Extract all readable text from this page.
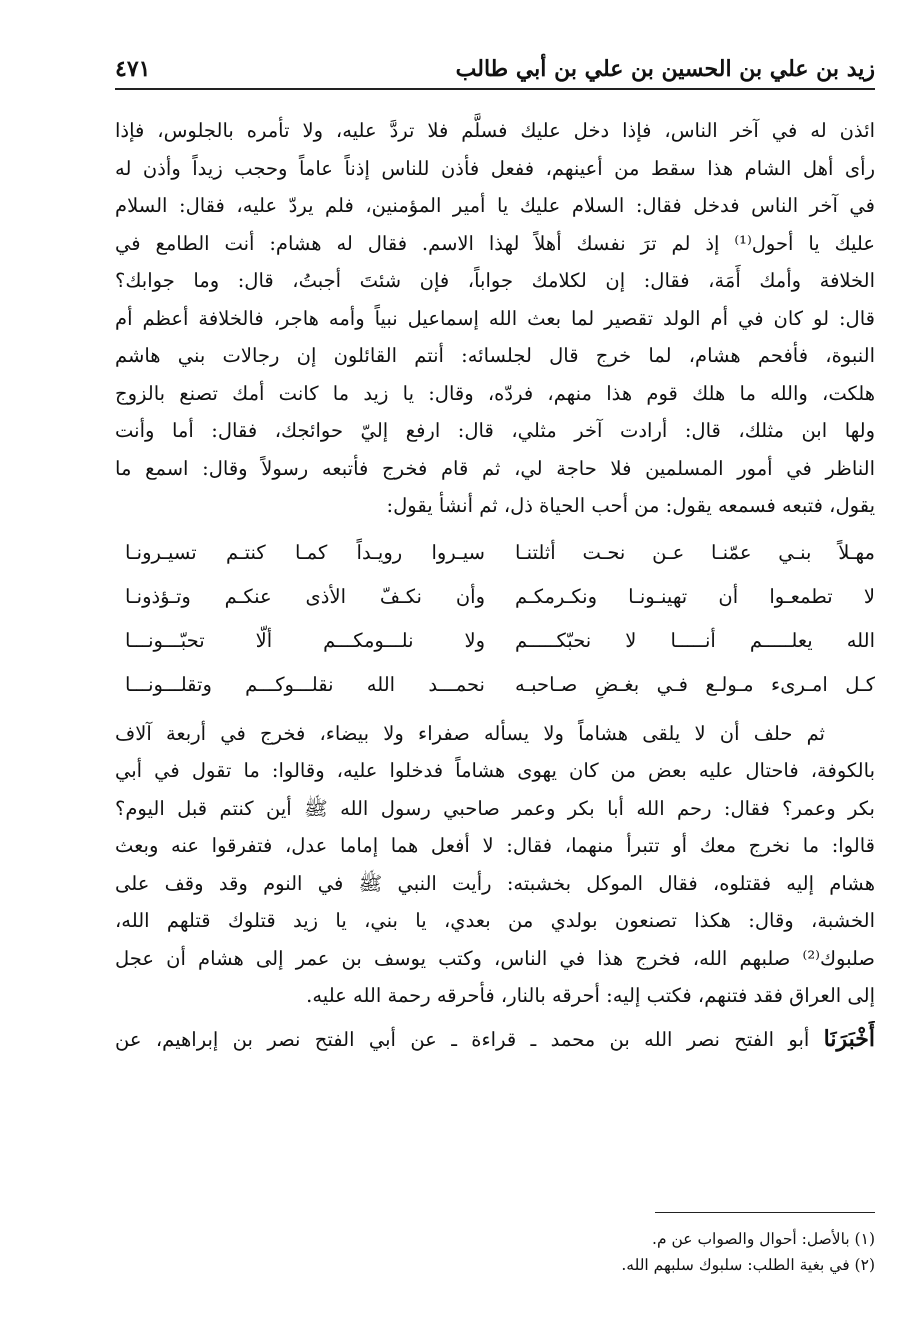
زيد بن علي بن الحسين بن علي بن أبي طالب
٤٧١

ائذن له في آخر الناس، فإذا دخل عليك فسلَّم فلا تردَّ عليه، ولا تأمره بالجلوس، فإذا

رأى أهل الشام هذا سقط من أعينهم، ففعل فأذن للناس إذناً عاماً وحجب زيداً وأذن له

في آخر الناس فدخل فقال: السلام عليك يا أمير المؤمنين، فلم يردّ عليه، فقال: السلام

عليك يا أحول⁽¹⁾ إذ لم ترَ نفسك أهلاً لهذا الاسم. فقال له هشام: أنت الطامع في

الخلافة وأمك أَمَة، فقال: إن لكلامك جواباً، فإن شئتَ أجبتُ، قال: وما جوابك؟

قال: لو كان في أم الولد تقصير لما بعث الله إسماعيل نبياً وأمه هاجر، فالخلافة أعظم أم

النبوة، فأفحم هشام، لما خرج قال لجلسائه: أنتم القائلون إن رجالات بني هاشم

هلكت، والله ما هلك قوم هذا منهم، فردّه، وقال: يا زيد ما كانت أمك تصنع بالزوج

ولها ابن مثلك، قال: أرادت آخر مثلي، قال: ارفع إليّ حوائجك، فقال: أما وأنت

الناظر في أمور المسلمين فلا حاجة لي، ثم قام فخرج فأتبعه رسولاً وقال: اسمع ما

يقول، فتبعه فسمعه يقول: من أحب الحياة ذل، ثم أنشأ يقول:

مهـلاً بنـي عمّنـا عـن نحـت أثلتنـا
سيـروا رويـداً كمـا كنتـم تسيـرونـا
لا تطمعـوا أن تهينـونـا ونكـرمكـم
وأن نكـفّ الأذى عنكـم وتـؤذونـا
الله يعلـــــم أنـــــا لا نحبّكـــــم
ولا نلـــومكـــم ألّا تحبّـــونـــا
كـل امـرىء مـولـع فـي بغـضِ صـاحبـه
نحمـــد الله نقلـــوكـــم وتقلـــونـــا

ثم حلف أن لا يلقى هشاماً ولا يسأله صفراء ولا بيضاء، فخرج في أربعة آلاف

بالكوفة، فاحتال عليه بعض من كان يهوى هشاماً فدخلوا عليه، وقالوا: ما تقول في أبي

بكر وعمر؟ فقال: رحم الله أبا بكر وعمر صاحبي رسول الله ﷺ أين كنتم قبل اليوم؟

قالوا: ما نخرج معك أو تتبرأ منهما، فقال: لا أفعل هما إماما عدل، فتفرقوا عنه وبعث

هشام إليه فقتلوه، فقال الموكل بخشبته: رأيت النبي ﷺ في النوم وقد وقف على

الخشبة، وقال: هكذا تصنعون بولدي من بعدي، يا بني، يا زيد قتلوك قتلهم الله،

صلبوك⁽²⁾ صلبهم الله، فخرج هذا في الناس، وكتب يوسف بن عمر إلى هشام أن عجل

إلى العراق فقد فتنهم، فكتب إليه: أحرقه بالنار، فأحرقه رحمة الله عليه.

أَخْبَرَنَا أبو الفتح نصر الله بن محمد ـ قراءة ـ عن أبي الفتح نصر بن إبراهيم، عن

(١) بالأصل: أحوال والصواب عن م.
(٢) في بغية الطلب: سلبوك سلبهم الله.
